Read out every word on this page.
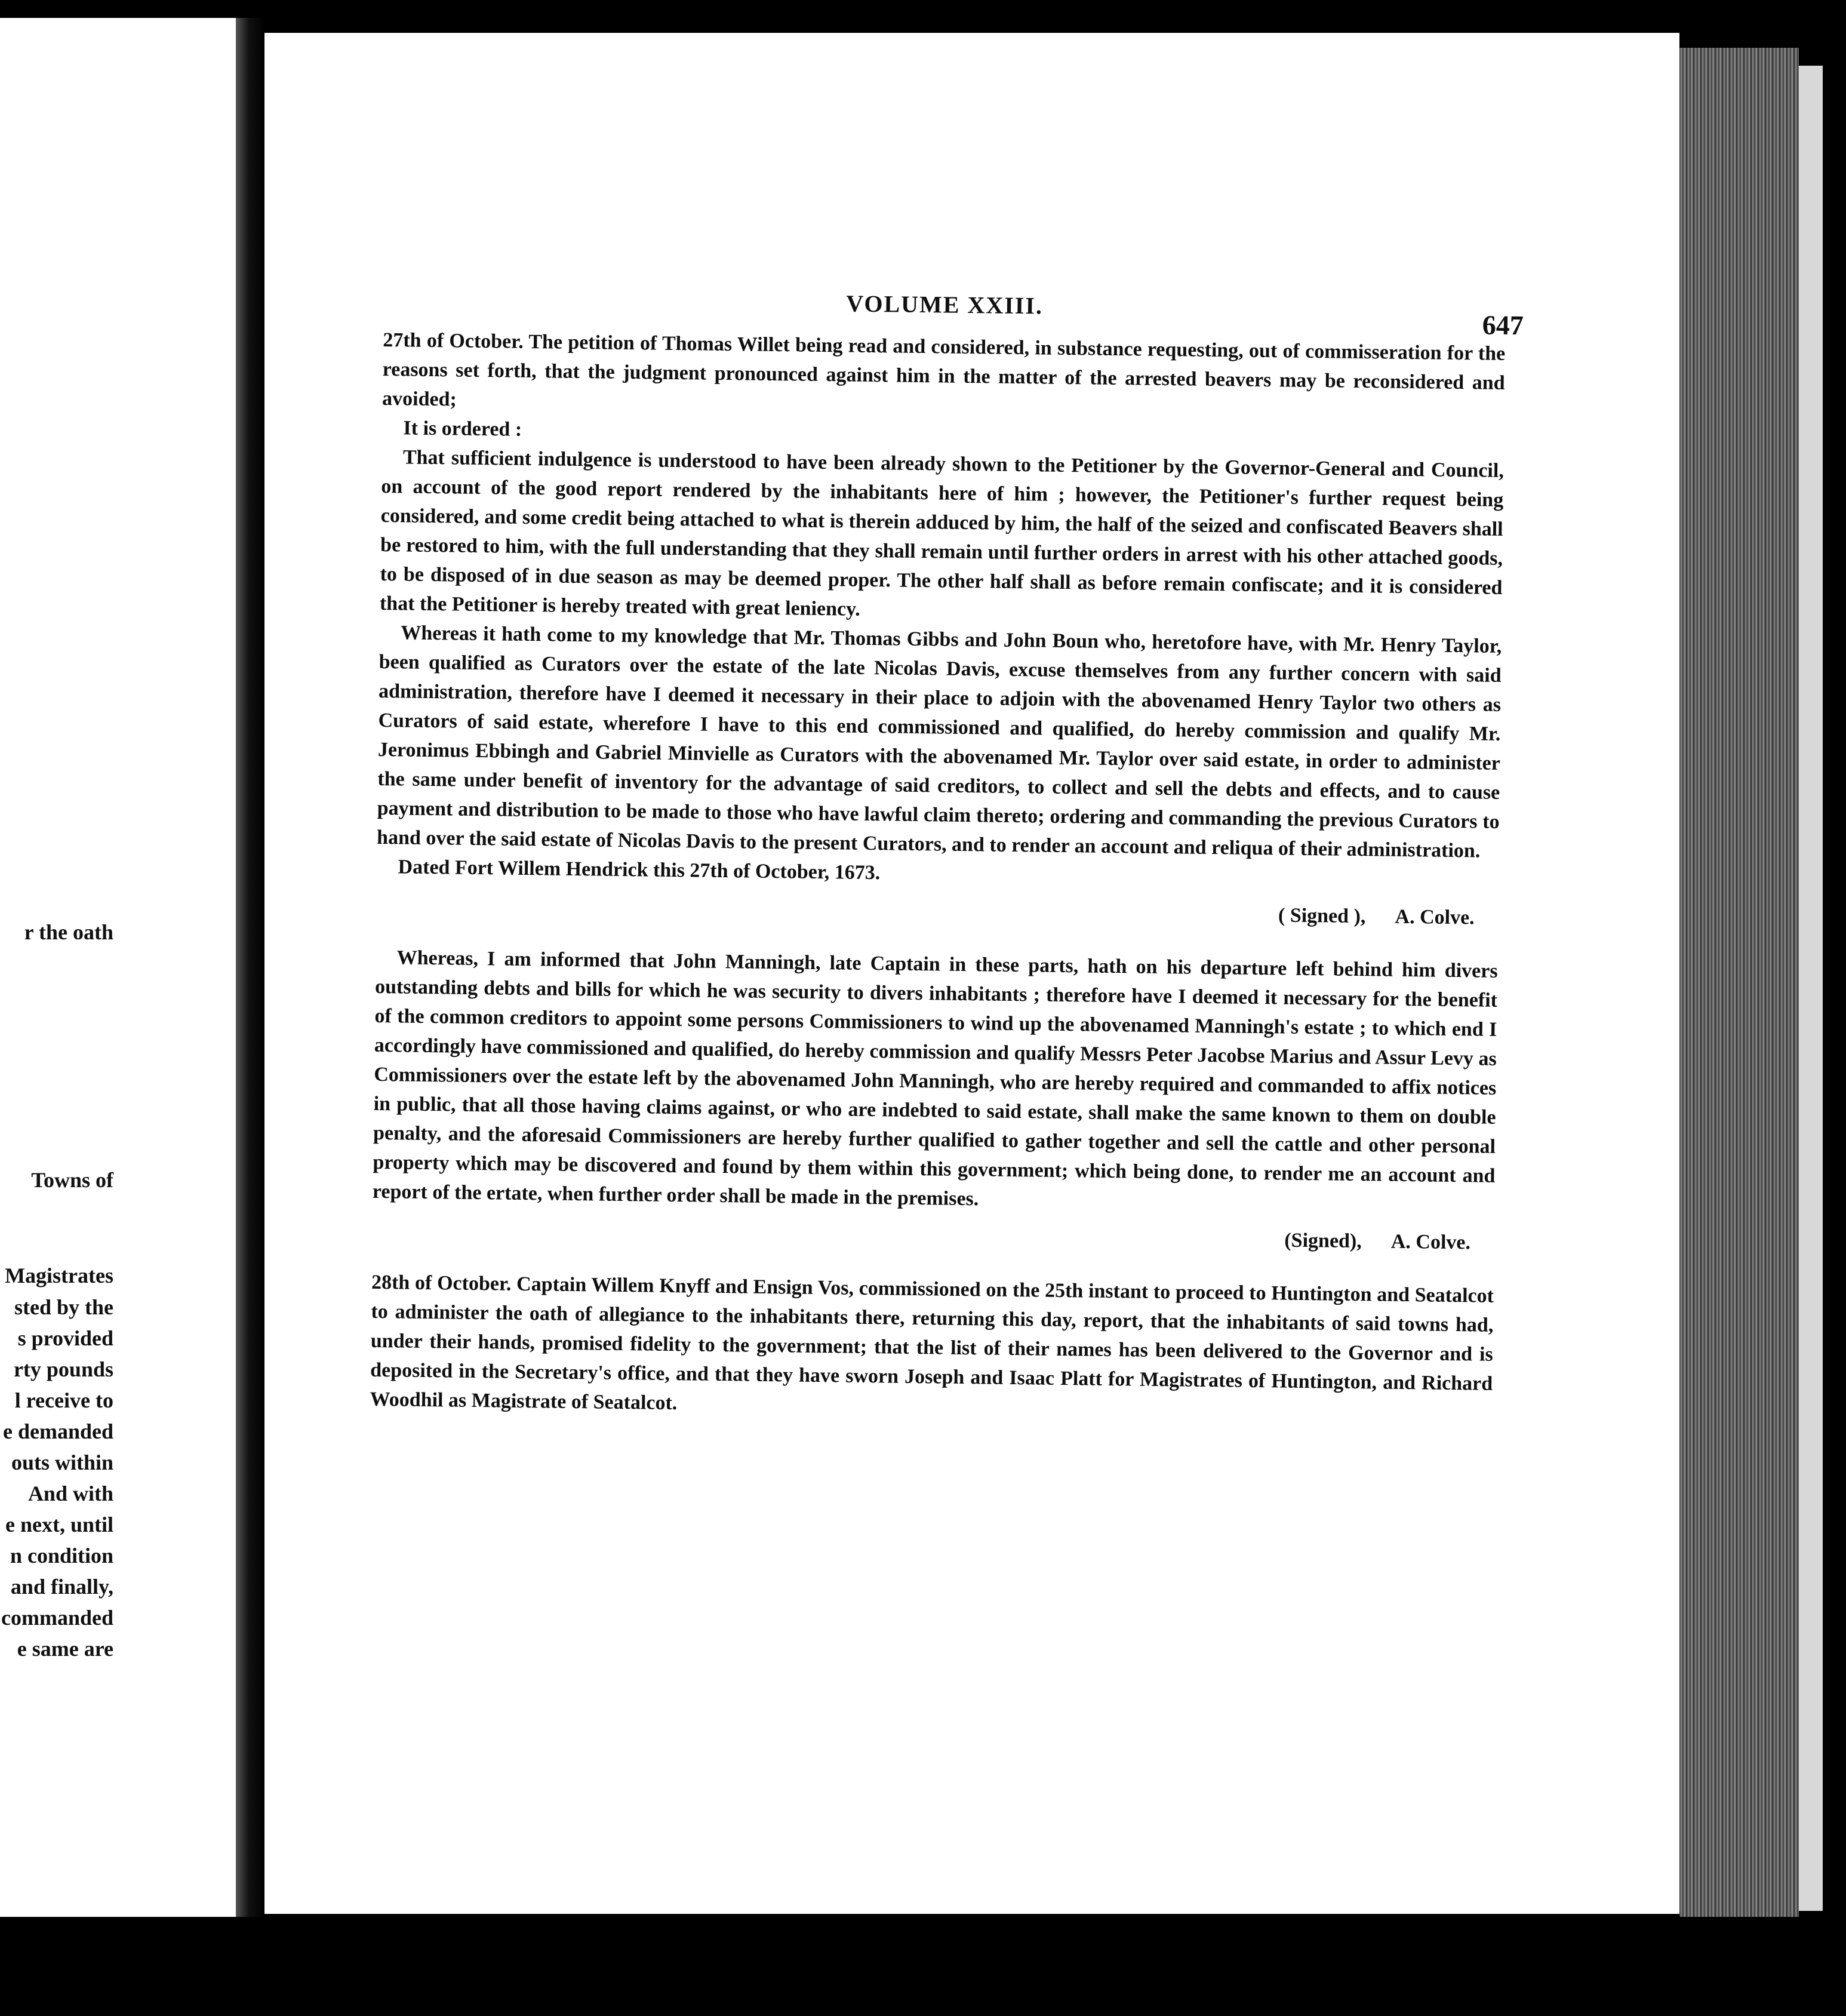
r the oath
Towns of
Magistrates
sted by the
s provided
rty pounds
l receive to
e demanded
outs within
And with
e next, until
n condition
and finally,
commanded
e same are
VOLUME XXIII.
647

27th of October. The petition of Thomas Willet being read and considered, in substance requesting, out of commisseration for the reasons set forth, that the judgment pronounced against him in the matter of the arrested beavers may be reconsidered and avoided;

It is ordered :

That sufficient indulgence is understood to have been already shown to the Petitioner by the Governor-General and Council, on account of the good report rendered by the inhabitants here of him ; however, the Petitioner's further request being considered, and some credit being attached to what is therein adduced by him, the half of the seized and confiscated Beavers shall be restored to him, with the full understanding that they shall remain until further orders in arrest with his other attached goods, to be disposed of in due season as may be deemed proper. The other half shall as before remain confiscate; and it is considered that the Petitioner is hereby treated with great leniency.

Whereas it hath come to my knowledge that Mr. Thomas Gibbs and John Boun who, heretofore have, with Mr. Henry Taylor, been qualified as Curators over the estate of the late Nicolas Davis, excuse themselves from any further concern with said administration, therefore have I deemed it necessary in their place to adjoin with the abovenamed Henry Taylor two others as Curators of said estate, wherefore I have to this end commissioned and qualified, do hereby commission and qualify Mr. Jeronimus Ebbingh and Gabriel Minvielle as Curators with the abovenamed Mr. Taylor over said estate, in order to administer the same under benefit of inventory for the advantage of said creditors, to collect and sell the debts and effects, and to cause payment and distribution to be made to those who have lawful claim thereto; ordering and commanding the previous Curators to hand over the said estate of Nicolas Davis to the present Curators, and to render an account and reliqua of their administration.

Dated Fort Willem Hendrick this 27th of October, 1673.

( Signed ),      A. Colve.

Whereas, I am informed that John Manningh, late Captain in these parts, hath on his departure left behind him divers outstanding debts and bills for which he was security to divers inhabitants ; therefore have I deemed it necessary for the benefit of the common creditors to appoint some persons Commissioners to wind up the abovenamed Manningh's estate ; to which end I accordingly have commissioned and qualified, do hereby commission and qualify Messrs Peter Jacobse Marius and Assur Levy as Commissioners over the estate left by the abovenamed John Manningh, who are hereby required and commanded to affix notices in public, that all those having claims against, or who are indebted to said estate, shall make the same known to them on double penalty, and the aforesaid Commissioners are hereby further qualified to gather together and sell the cattle and other personal property which may be discovered and found by them within this government; which being done, to render me an account and report of the ertate, when further order shall be made in the premises.

(Signed),      A. Colve.

28th of October. Captain Willem Knyff and Ensign Vos, commissioned on the 25th instant to proceed to Huntington and Seatalcot to administer the oath of allegiance to the inhabitants there, returning this day, report, that the inhabitants of said towns had, under their hands, promised fidelity to the government; that the list of their names has been delivered to the Governor and is deposited in the Secretary's office, and that they have sworn Joseph and Isaac Platt for Magistrates of Huntington, and Richard Woodhil as Magistrate of Seatalcot.
